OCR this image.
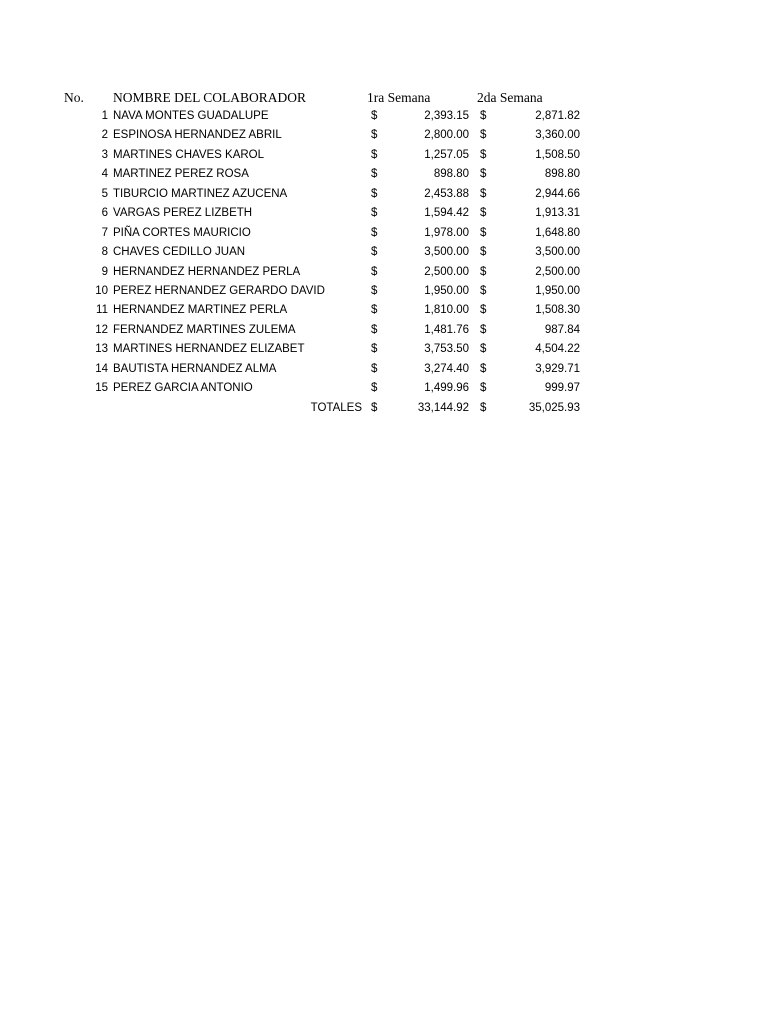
No. NOMBRE DEL COLABORADOR	1ra Semana	2da Semana
1 NAVA MONTES GUADALUPE	$	2,393.15 $	2,871.82
2 ESPINOSA HERNANDEZ ABRIL	$	2,800.00 $	3,360.00
3 MARTINES CHAVES KAROL	$	1,257.05 $	1,508.50
4 MARTINEZ PEREZ ROSA	$	898.80 $	898.80
5 TIBURCIO MARTINEZ AZUCENA	$	2,453.88 $	2,944.66
6 VARGAS PEREZ LIZBETH	$	1,594.42 $	1,913.31
7 PIÑA CORTES MAURICIO	$	1,978.00 $	1,648.80
8 CHAVES CEDILLO JUAN	$	3,500.00 $	3,500.00
9 HERNANDEZ HERNANDEZ PERLA	$	2,500.00 $	2,500.00
10 PEREZ HERNANDEZ GERARDO DAVID	$	1,950.00 $	1,950.00
11 HERNANDEZ MARTINEZ PERLA	$	1,810.00 $	1,508.30
12 FERNANDEZ MARTINES ZULEMA	$	1,481.76 $	987.84
13 MARTINES HERNANDEZ ELIZABET	$	3,753.50 $	4,504.22
14 BAUTISTA HERNANDEZ ALMA	$	3,274.40 $	3,929.71
15 PEREZ GARCIA ANTONIO	$	1,499.96 $	999.97
TOTALES $	33,144.92 $	35,025.93
